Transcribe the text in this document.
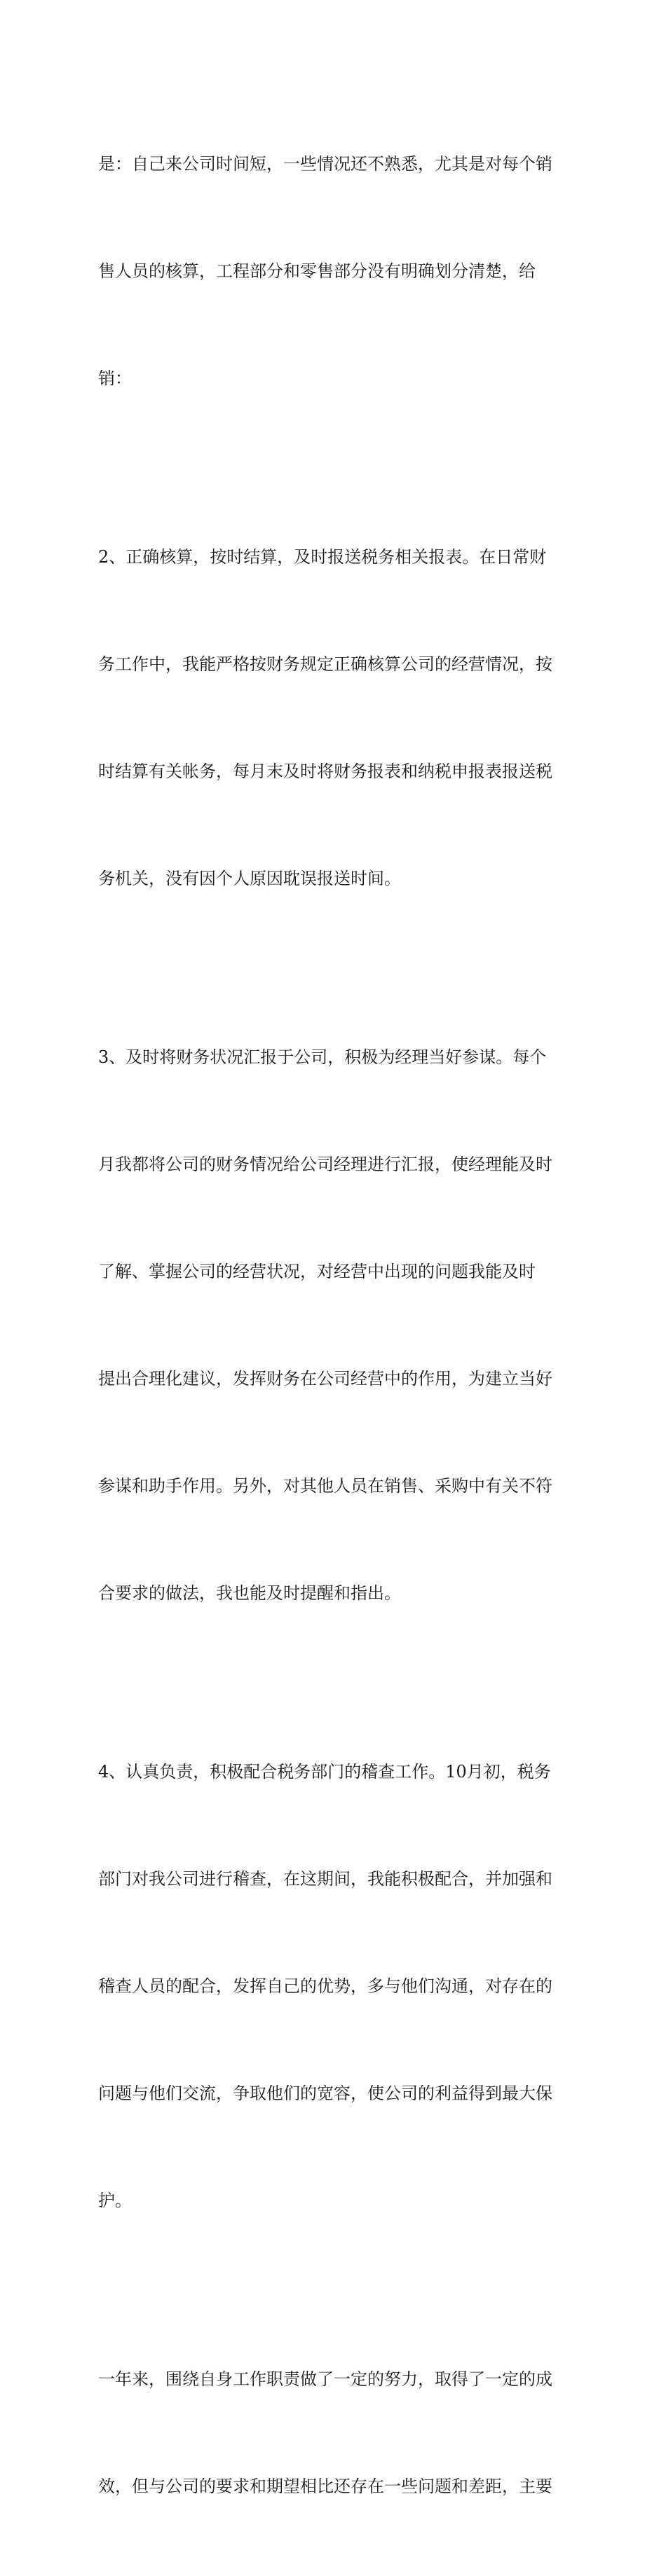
是：自己来公司时间短，一些情况还不熟悉，尤其是对每个销

售人员的核算，工程部分和零售部分没有明确划分清楚，给

销：

2、正确核算，按时结算，及时报送税务相关报表。在日常财

务工作中，我能严格按财务规定正确核算公司的经营情况，按

时结算有关帐务，每月末及时将财务报表和纳税申报表报送税

务机关，没有因个人原因耽误报送时间。

3、及时将财务状况汇报于公司，积极为经理当好参谋。每个

月我都将公司的财务情况给公司经理进行汇报，使经理能及时

了解、掌握公司的经营状况，对经营中出现的问题我能及时

提出合理化建议，发挥财务在公司经营中的作用，为建立当好

参谋和助手作用。另外，对其他人员在销售、采购中有关不符

合要求的做法，我也能及时提醒和指出。

4、认真负责，积极配合税务部门的稽查工作。10月初，税务

部门对我公司进行稽查，在这期间，我能积极配合，并加强和

稽查人员的配合，发挥自己的优势，多与他们沟通，对存在的

问题与他们交流，争取他们的宽容，使公司的利益得到最大保

护。

一年来，围绕自身工作职责做了一定的努力，取得了一定的成

效，但与公司的要求和期望相比还存在一些问题和差距，主要
